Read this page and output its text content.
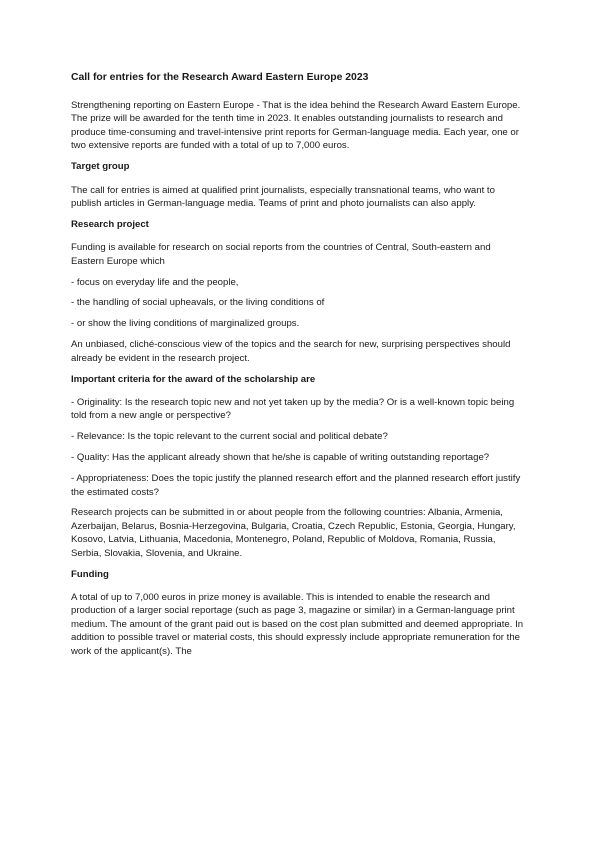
Call for entries for the Research Award Eastern Europe 2023
Strengthening reporting on Eastern Europe - That is the idea behind the Research Award Eastern Europe. The prize will be awarded for the tenth time in 2023. It enables outstanding journalists to research and produce time-consuming and travel-intensive print reports for German-language media. Each year, one or two extensive reports are funded with a total of up to 7,000 euros.
Target group
The call for entries is aimed at qualified print journalists, especially transnational teams, who want to publish articles in German-language media. Teams of print and photo journalists can also apply.
Research project
Funding is available for research on social reports from the countries of Central, South-eastern and Eastern Europe which
- focus on everyday life and the people,
- the handling of social upheavals, or the living conditions of
- or show the living conditions of marginalized groups.
An unbiased, cliché-conscious view of the topics and the search for new, surprising perspectives should already be evident in the research project.
Important criteria for the award of the scholarship are
- Originality: Is the research topic new and not yet taken up by the media? Or is a well-known topic being told from a new angle or perspective?
- Relevance: Is the topic relevant to the current social and political debate?
- Quality: Has the applicant already shown that he/she is capable of writing outstanding reportage?
- Appropriateness: Does the topic justify the planned research effort and the planned research effort justify the estimated costs?
Research projects can be submitted in or about people from the following countries: Albania, Armenia, Azerbaijan, Belarus, Bosnia-Herzegovina, Bulgaria, Croatia, Czech Republic, Estonia, Georgia, Hungary, Kosovo, Latvia, Lithuania, Macedonia, Montenegro, Poland, Republic of Moldova, Romania, Russia, Serbia, Slovakia, Slovenia, and Ukraine.
Funding
A total of up to 7,000 euros in prize money is available. This is intended to enable the research and production of a larger social reportage (such as page 3, magazine or similar) in a German-language print medium. The amount of the grant paid out is based on the cost plan submitted and deemed appropriate. In addition to possible travel or material costs, this should expressly include appropriate remuneration for the work of the applicant(s). The
